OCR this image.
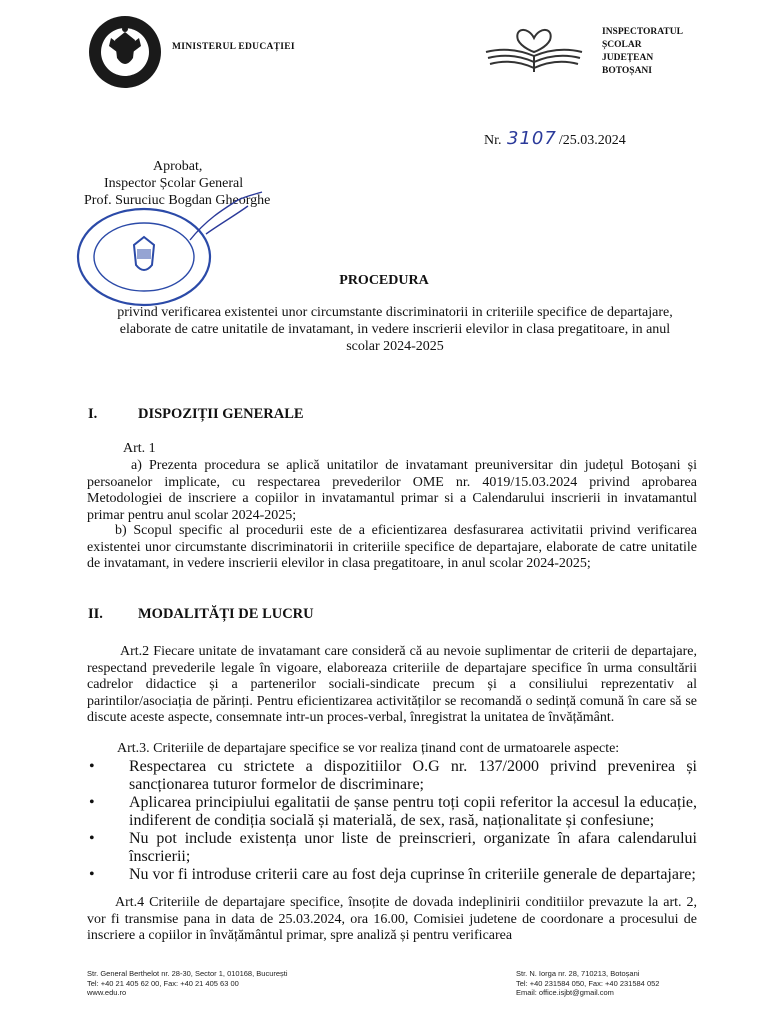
MINISTERUL EDUCAȚIEI
INSPECTORATUL
ȘCOLAR
JUDEȚEAN
BOTOȘANI
Nr. 3107 /25.03.2024
Aprobat,
Inspector Școlar General
Prof. Suruciuc Bogdan Gheorghe
PROCEDURA
privind verificarea existentei unor circumstante discriminatorii in criteriile specifice de departajare, elaborate de catre unitatile de invatamant, in vedere inscrierii elevilor in clasa pregatitoare, in anul scolar 2024-2025
I.	DISPOZIȚII GENERALE
Art. 1

a) Prezenta procedura se aplică unitatilor de invatamant preuniversitar din județul Botoșani și persoanelor implicate, cu respectarea prevederilor OME nr. 4019/15.03.2024 privind aprobarea Metodologiei de inscriere a copiilor in invatamantul primar si a Calendarului inscrierii in invatamantul primar pentru anul scolar 2024-2025;

b) Scopul specific al procedurii este de a eficientizarea desfasurarea activitatii privind verificarea existentei unor circumstante discriminatorii in criteriile specifice de departajare, elaborate de catre unitatile de invatamant, in vedere inscrierii elevilor in clasa pregatitoare, in anul scolar 2024-2025;

II. MODALITĂȚI DE LUCRU

Art.2 Fiecare unitate de invatamant care consideră că au nevoie suplimentar de criterii de departajare, respectand prevederile legale în vigoare, elaboreaza criteriile de departajare specifice în urma consultării cadrelor didactice și a partenerilor sociali-sindicate precum și a consiliului reprezentativ al parintilor/asociația de părinți. Pentru eficientizarea activităților se recomandă o sedință comună în care să se discute aceste aspecte, consemnate intr-un proces-verbal, înregistrat la unitatea de învățământ.

Art.3. Criteriile de departajare specifice se vor realiza ținand cont de urmatoarele aspecte:

•	Respectarea cu strictete a dispozitiilor O.G nr. 137/2000 privind prevenirea și sancționarea tuturor formelor de discriminare;
•	Aplicarea principiului egalitatii de șanse pentru toți copii referitor la accesul la educație, indiferent de condiția socială și materială, de sex, rasă, naționalitate și confesiune;
•	Nu pot include existența unor liste de preinscrieri, organizate în afara calendarului înscrierii;
•	Nu vor fi introduse criterii care au fost deja cuprinse în criteriile generale de departajare;

Art.4 Criteriile de departajare specifice, însoțite de dovada indeplinirii conditiilor prevazute la art. 2, vor fi transmise pana in data de 25.03.2024, ora 16.00, Comisiei judetene de coordonare a procesului de inscriere a copiilor in învățământul primar, spre analiză și pentru verificarea

Str. General Berthelot nr. 28-30, Sector 1, 010168, București
Tel: +40 21 405 62 00, Fax: +40 21 405 63 00
www.edu.ro
Str. N. Iorga nr. 28, 710213, Botoșani
Tel: +40 231584 050, Fax: +40 231584 052
Email: office.isjbt@gmail.com
